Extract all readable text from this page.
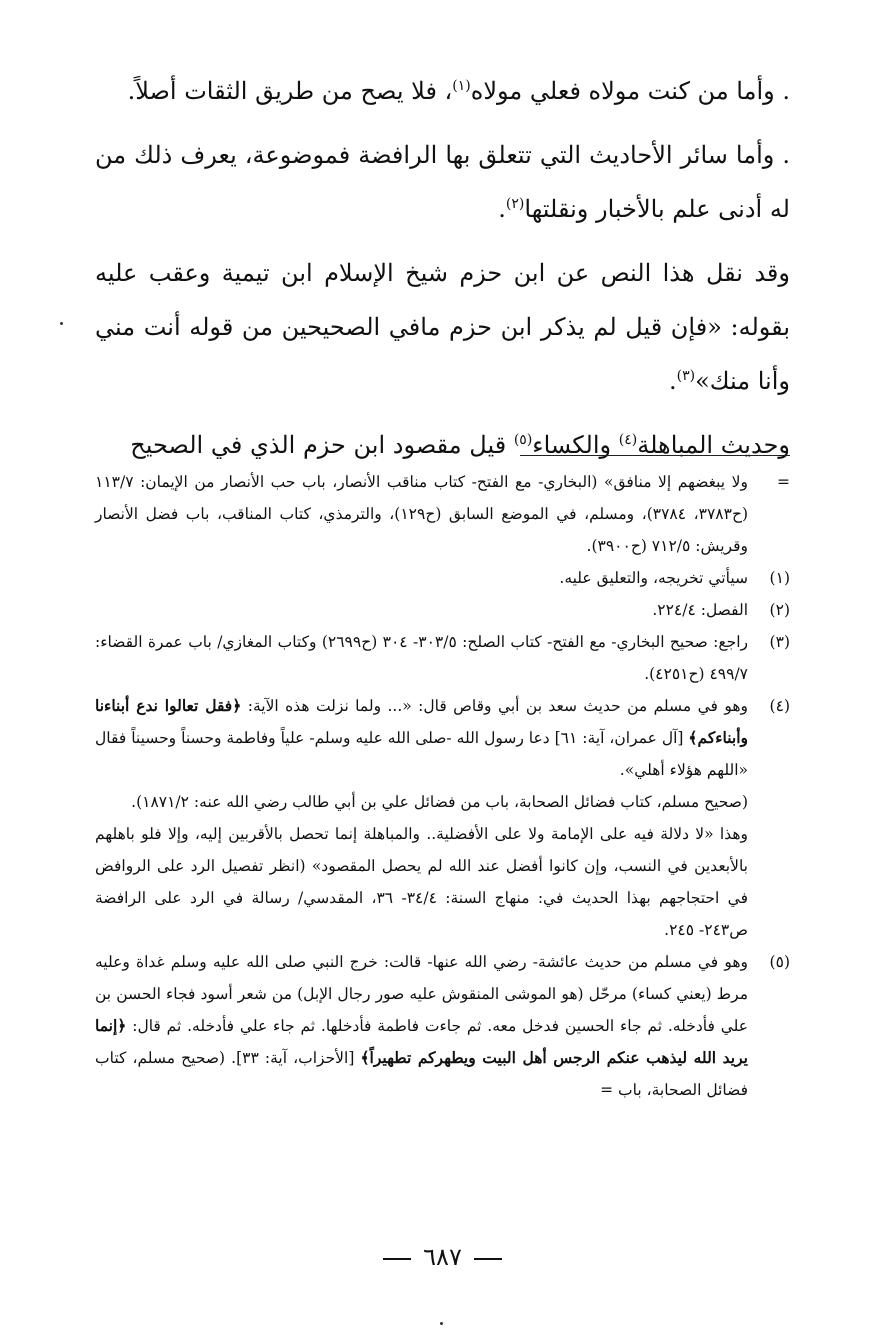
. وأما من كنت مولاه فعلي مولاه$^{(١)}$، فلا يصح من طريق الثقات أصلاً.

. وأما سائر الأحاديث التي تتعلق بها الرافضة فموضوعة، يعرف ذلك من له أدنى علم بالأخبار ونقلتها$^{(٢)}$.

وقد نقل هذا النص عن ابن حزم شيخ الإسلام ابن تيمية وعقب عليه بقوله: «فإن قيل لم يذكر ابن حزم مافي الصحيحين من قوله أنت مني وأنا منك»$^{(٣)}$.

وحديث المباهلة$^{(٤)}$ والكساء$^{(٥)}$ قيل مقصود ابن حزم الذي في الصحيح

=
ولا يبغضهم إلا منافق» (البخاري- مع الفتح- كتاب مناقب الأنصار، باب حب الأنصار من الإيمان: ١١٣/٧ (ح٣٧٨٣، ٣٧٨٤)، ومسلم، في الموضع السابق (ح١٢٩)، والترمذي، كتاب المناقب، باب فضل الأنصار وقريش: ٧١٢/٥ (ح٣٩٠٠).
(١)
سيأتي تخريجه، والتعليق عليه.
(٢)
الفصل: ٢٢٤/٤.
(٣)
راجع: صحيح البخاري- مع الفتح- كتاب الصلح: ٣٠٣/٥- ٣٠٤ (ح٢٦٩٩) وكتاب المغازي/ باب عمرة القضاء: ٤٩٩/٧ (ح٤٢٥١).
(٤)
وهو في مسلم من حديث سعد بن أبي وقاص قال: «... ولما نزلت هذه الآية: ﴿فقل تعالوا ندع أبناءنا وأبناءكم﴾ [آل عمران، آية: ٦١] دعا رسول الله -صلى الله عليه وسلم- علياً وفاطمة وحسناً وحسيناً فقال «اللهم هؤلاء أهلي».
(صحيح مسلم، كتاب فضائل الصحابة، باب من فضائل علي بن أبي طالب رضي الله عنه: ١٨٧١/٢).
وهذا «لا دلالة فيه على الإمامة ولا على الأفضلية.. والمباهلة إنما تحصل بالأقربين إليه، وإلا فلو باهلهم بالأبعدين في النسب، وإن كانوا أفضل عند الله لم يحصل المقصود» (انظر تفصيل الرد على الروافض في احتجاجهم بهذا الحديث في: منهاج السنة: ٣٤/٤- ٣٦، المقدسي/ رسالة في الرد على الرافضة ص٢٤٣- ٢٤٥.
(٥)
وهو في مسلم من حديث عائشة- رضي الله عنها- قالت: خرج النبي صلى الله عليه وسلم غداة وعليه مرط (يعني كساء) مرحّل (هو الموشى المنقوش عليه صور رجال الإبل) من شعر أسود فجاء الحسن بن علي فأدخله. ثم جاء الحسين فدخل معه. ثم جاءت فاطمة فأدخلها. ثم جاء علي فأدخله. ثم قال: ﴿إنما يريد الله ليذهب عنكم الرجس أهل البيت ويطهركم تطهيراً﴾ [الأحزاب، آية: ٣٣]. (صحيح مسلم، كتاب فضائل الصحابة، باب =
٦٨٧
